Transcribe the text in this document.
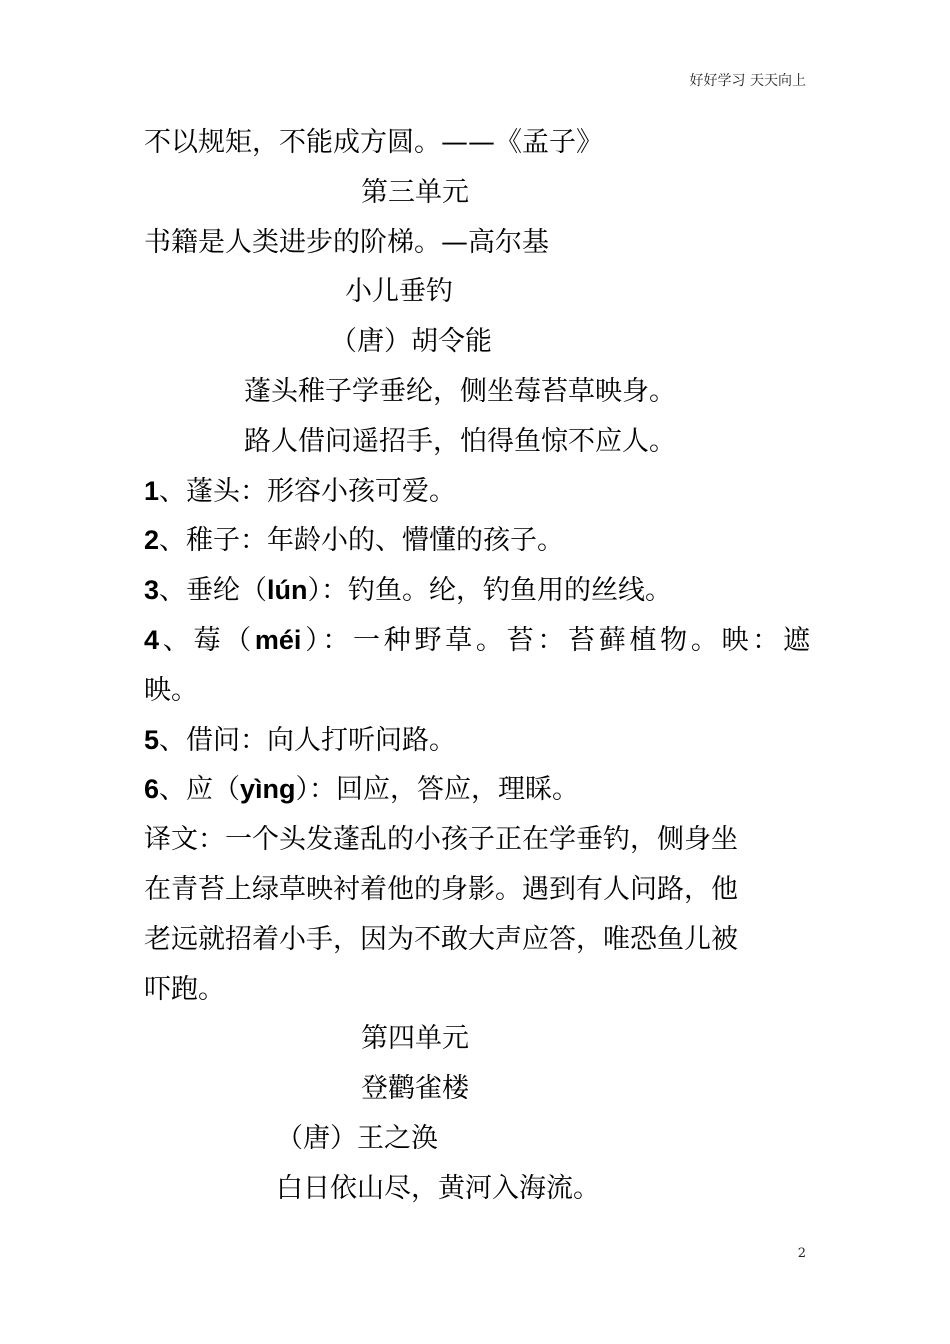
好好学习 天天向上
不以规矩，不能成方圆。——《孟子》
第三单元
书籍是人类进步的阶梯。—高尔基
小儿垂钓
（唐）胡令能
蓬头稚子学垂纶，侧坐莓苔草映身。
路人借问遥招手，怕得鱼惊不应人。
1、蓬头：形容小孩可爱。
2、稚子：年龄小的、懵懂的孩子。
3、垂纶（lún）：钓鱼。纶，钓鱼用的丝线。
4、莓（méi）：一种野草。苔：苔藓植物。映：遮
映。
5、借问：向人打听问路。
6、应（yìng）：回应，答应，理睬。
译文：一个头发蓬乱的小孩子正在学垂钓，侧身坐
在青苔上绿草映衬着他的身影。遇到有人问路，他
老远就招着小手，因为不敢大声应答，唯恐鱼儿被
吓跑。
第四单元
登鹳雀楼
（唐）王之涣
白日依山尽，黄河入海流。
2
